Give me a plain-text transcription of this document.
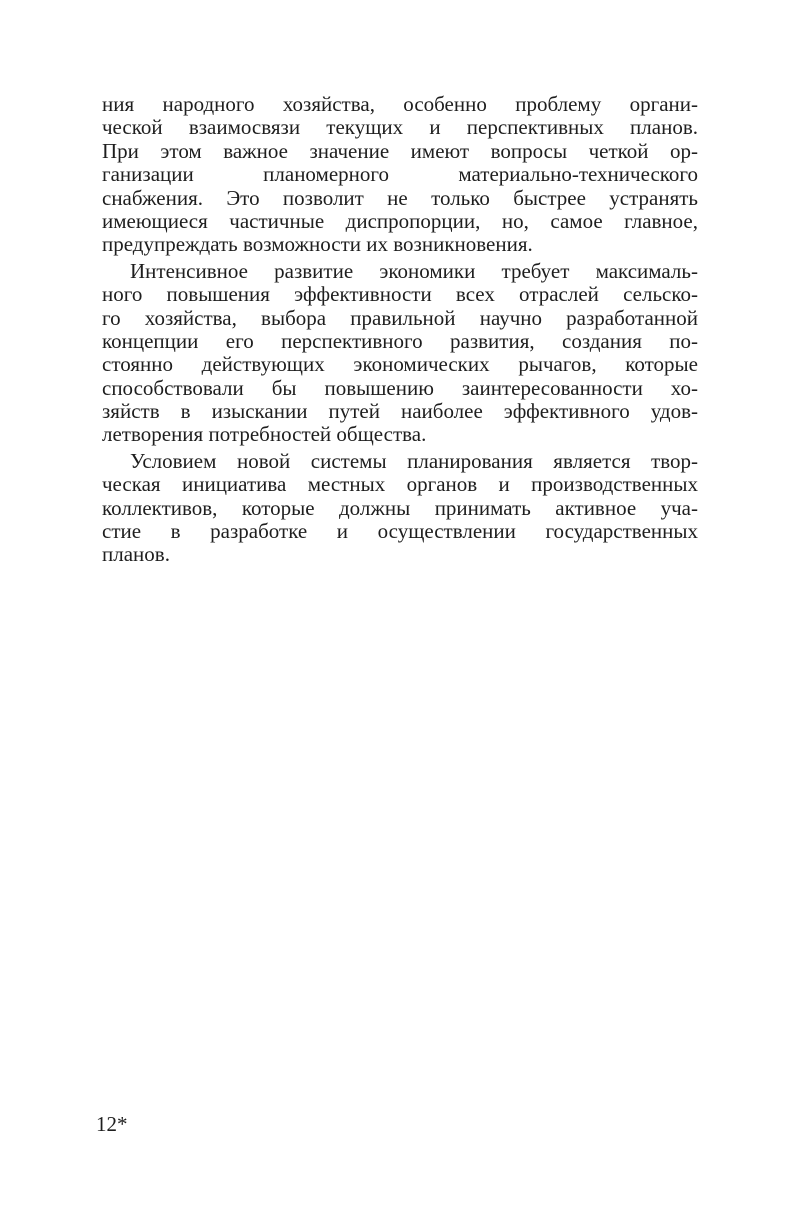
ния народного хозяйства, особенно проблему органи-
ческой взаимосвязи текущих и перспективных планов.
При этом важное значение имеют вопросы четкой ор-
ганизации планомерного материально-технического
снабжения. Это позволит не только быстрее устранять
имеющиеся частичные диспропорции, но, самое главное,
предупреждать возможности их возникновения.

Интенсивное развитие экономики требует максималь-
ного повышения эффективности всех отраслей сельско-
го хозяйства, выбора правильной научно разработанной
концепции его перспективного развития, создания по-
стоянно действующих экономических рычагов, которые
способствовали бы повышению заинтересованности хо-
зяйств в изыскании путей наиболее эффективного удов-
летворения потребностей общества.

Условием новой системы планирования является твор-
ческая инициатива местных органов и производственных
коллективов, которые должны принимать активное уча-
стие в разработке и осуществлении государственных
планов.

12*
